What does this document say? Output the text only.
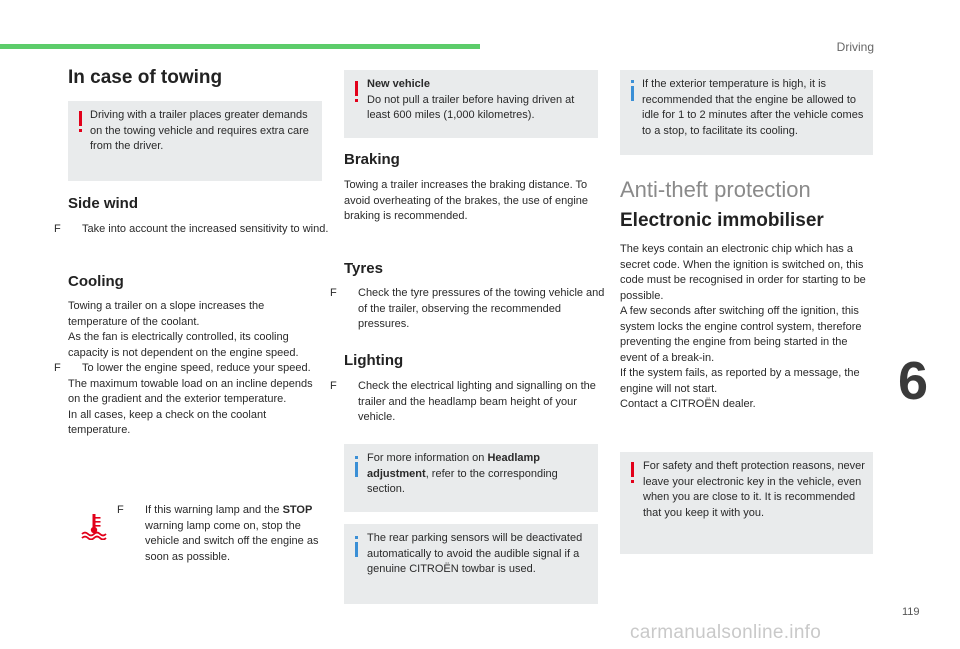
Driving
6
119
carmanualsonline.info
In case of towing
Driving with a trailer places greater demands on the towing vehicle and requires extra care from the driver.
Side wind
F Take into account the increased sensitivity to wind.
Cooling

Towing a trailer on a slope increases the temperature of the coolant.

As the fan is electrically controlled, its cooling capacity is not dependent on the engine speed.

F To lower the engine speed, reduce your speed.

The maximum towable load on an incline depends on the gradient and the exterior temperature.

In all cases, keep a check on the coolant temperature.

F If this warning lamp and the STOP warning lamp come on, stop the vehicle and switch off the engine as soon as possible.

New vehicle

Do not pull a trailer before having driven at least 600 miles (1,000 kilometres).

Braking
Towing a trailer increases the braking distance. To avoid overheating of the brakes, the use of engine braking is recommended.
Tyres
F Check the tyre pressures of the towing vehicle and of the trailer, observing the recommended pressures.
Lighting
F Check the electrical lighting and signalling on the trailer and the headlamp beam height of your vehicle.
For more information on Headlamp adjustment, refer to the corresponding section.
The rear parking sensors will be deactivated automatically to avoid the audible signal if a genuine CITROËN towbar is used.
If the exterior temperature is high, it is recommended that the engine be allowed to idle for 1 to 2 minutes after the vehicle comes to a stop, to facilitate its cooling.
Anti-theft protection
Electronic immobiliser

The keys contain an electronic chip which has a secret code. When the ignition is switched on, this code must be recognised in order for starting to be possible.

A few seconds after switching off the ignition, this system locks the engine control system, therefore preventing the engine from being started in the event of a break-in.

If the system fails, as reported by a message, the engine will not start.

Contact a CITROËN dealer.

For safety and theft protection reasons, never leave your electronic key in the vehicle, even when you are close to it. It is recommended that you keep it with you.
